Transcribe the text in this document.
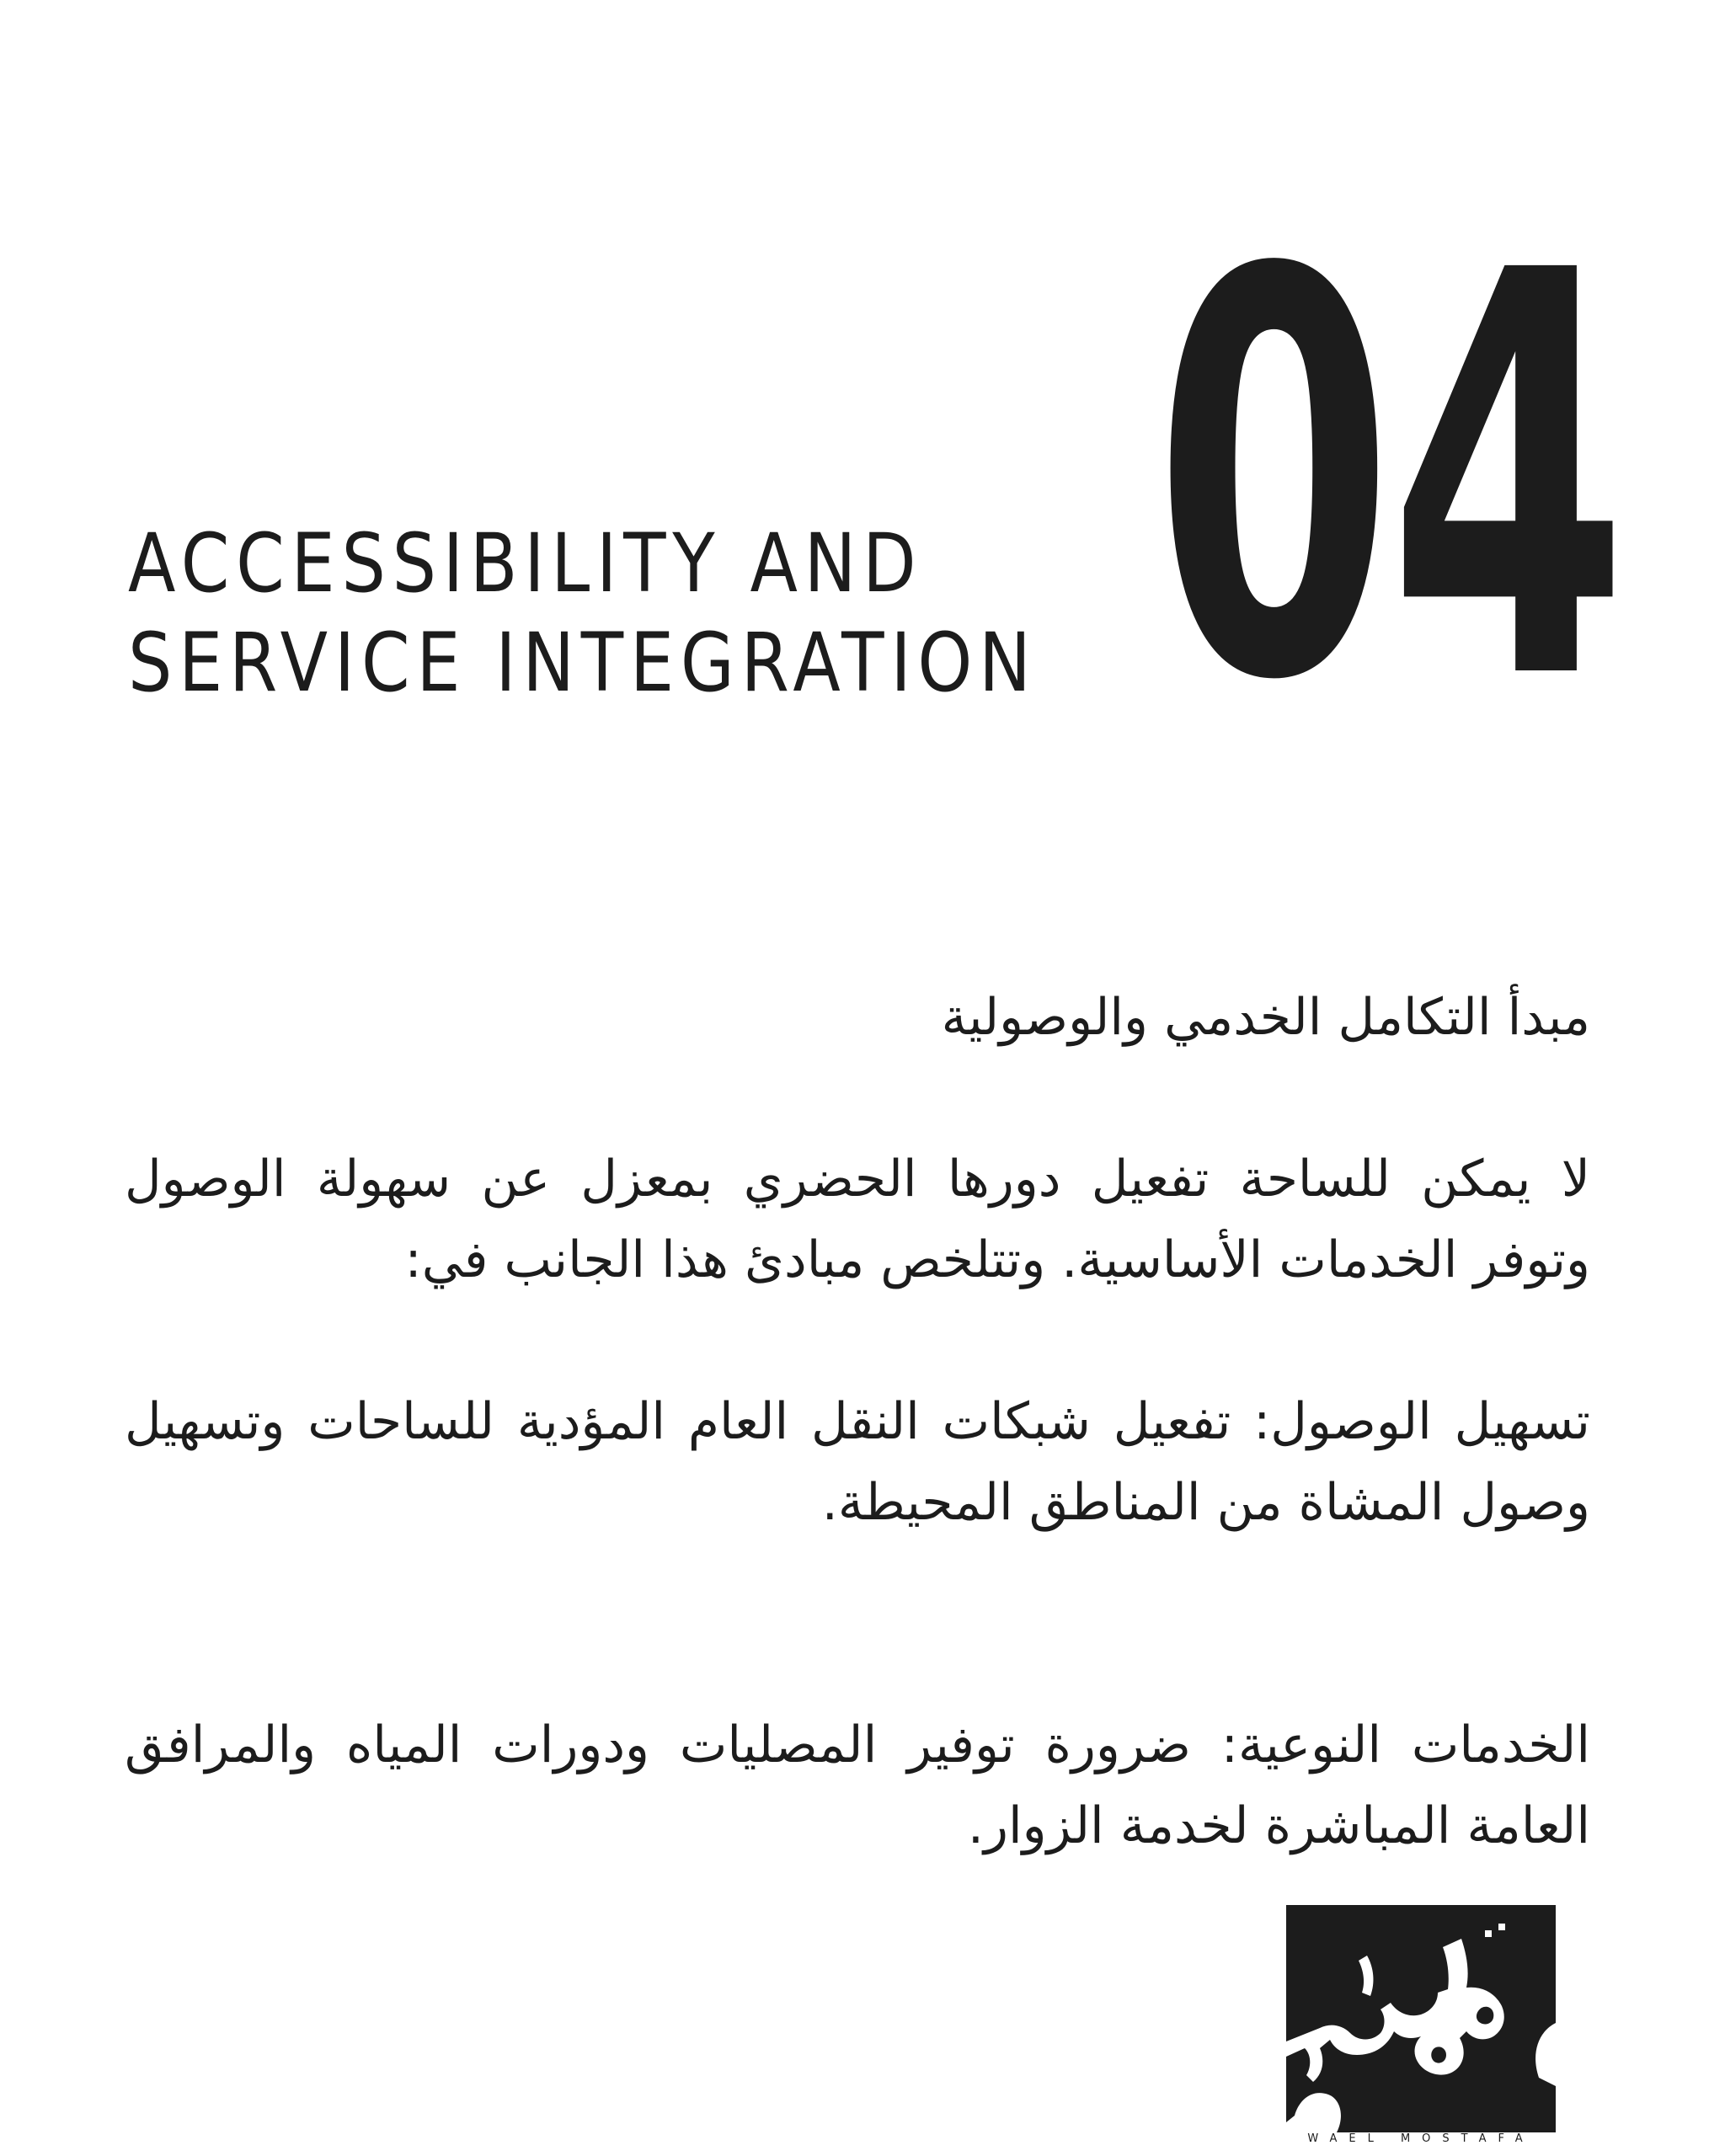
04
ACCESSIBILITY AND
SERVICE INTEGRATION

مبدأ التكامل الخدمي والوصولية

لا يمكن للساحة تفعيل دورها الحضري بمعزل عن سهولة الوصول وتوفر الخدمات الأساسية. وتتلخص مبادئ هذا الجانب في:

تسهيل الوصول: تفعيل شبكات النقل العام المؤدية للساحات وتسهيل وصول المشاة من المناطق المحيطة.

الخدمات النوعية: ضرورة توفير المصليات ودورات المياه والمرافق العامة المباشرة لخدمة الزوار.

WAEL MOSTAFA
